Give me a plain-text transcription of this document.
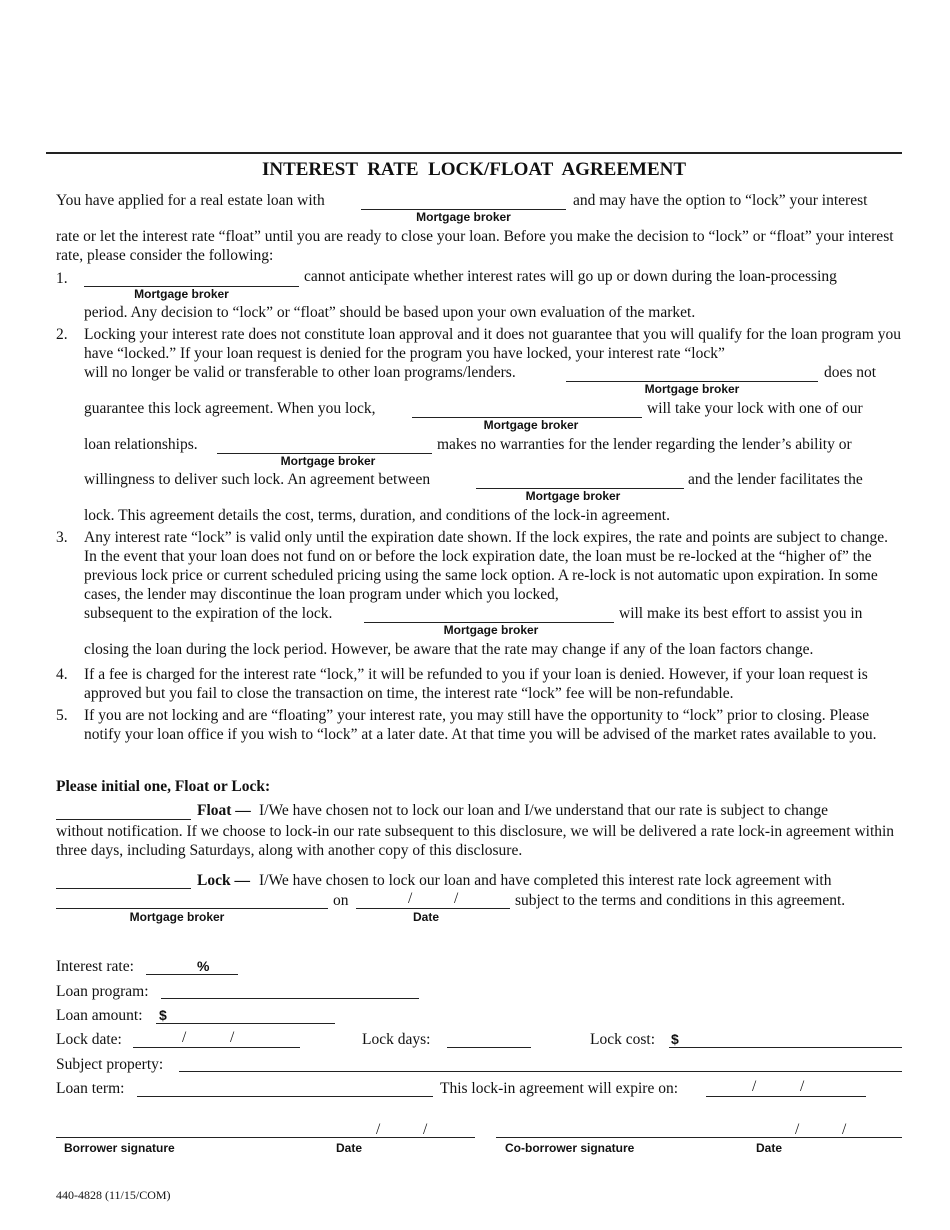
INTEREST  RATE  LOCK/FLOAT  AGREEMENT
You have applied for a real estate loan with
Mortgage broker
and may have the option to “lock” your interest
rate or let the interest rate “float” until you are ready to close your loan. Before you make the decision to “lock” or “float” your interest rate, please consider the following:
1.
Mortgage broker
cannot anticipate whether interest rates will go up or down during the loan-processing
period. Any decision to “lock” or “float” should be based upon your own evaluation of the market.
2. Locking your interest rate does not constitute loan approval and it does not guarantee that you will qualify for the loan program you have “locked.” If your loan request is denied for the program you have locked, your interest rate “lock”
will no longer be valid or transferable to other loan programs/lenders.
Mortgage broker
does not
guarantee this lock agreement. When you lock,
Mortgage broker
will take your lock with one of our
loan relationships.
Mortgage broker
makes no warranties for the lender regarding the lender’s ability or
willingness to deliver such lock. An agreement between
Mortgage broker
and the lender facilitates the
lock. This agreement details the cost, terms, duration, and conditions of the lock-in agreement.
3. Any interest rate “lock” is valid only until the expiration date shown. If the lock expires, the rate and points are subject to change. In the event that your loan does not fund on or before the lock expiration date, the loan must be re-locked at the “higher of” the previous lock price or current scheduled pricing using the same lock option. A re-lock is not automatic upon expiration. In some cases, the lender may discontinue the loan program under which you locked,
subsequent to the expiration of the lock.
Mortgage broker
will make its best effort to assist you in
closing the loan during the lock period. However, be aware that the rate may change if any of the loan factors change.
4. If a fee is charged for the interest rate “lock,” it will be refunded to you if your loan is denied. However, if your loan request is approved but you fail to close the transaction on time, the interest rate “lock” fee will be non-refundable.
5. If you are not locking and are “floating” your interest rate, you may still have the opportunity to “lock” prior to closing. Please notify your loan office if you wish to “lock” at a later date. At that time you will be advised of the market rates available to you.
Please initial one, Float or Lock:
Float — I/We have chosen not to lock our loan and I/we understand that our rate is subject to change
without notification. If we choose to lock-in our rate subsequent to this disclosure, we will be delivered a rate lock-in agreement within three days, including Saturdays, along with another copy of this disclosure.
Lock — I/We have chosen to lock our loan and have completed this interest rate lock agreement with
Mortgage broker
on	/	/
Date
subject to the terms and conditions in this agreement.
Interest rate:	%
Loan program:
Loan amount: $
Lock date:	/	/	Lock days:	Lock cost: $
Subject property:
Loan term:	This lock-in agreement will expire on:	/	/
/	/
Borrower signature	Date
/	/
Co-borrower signature	Date
440-4828 (11/15/COM)
